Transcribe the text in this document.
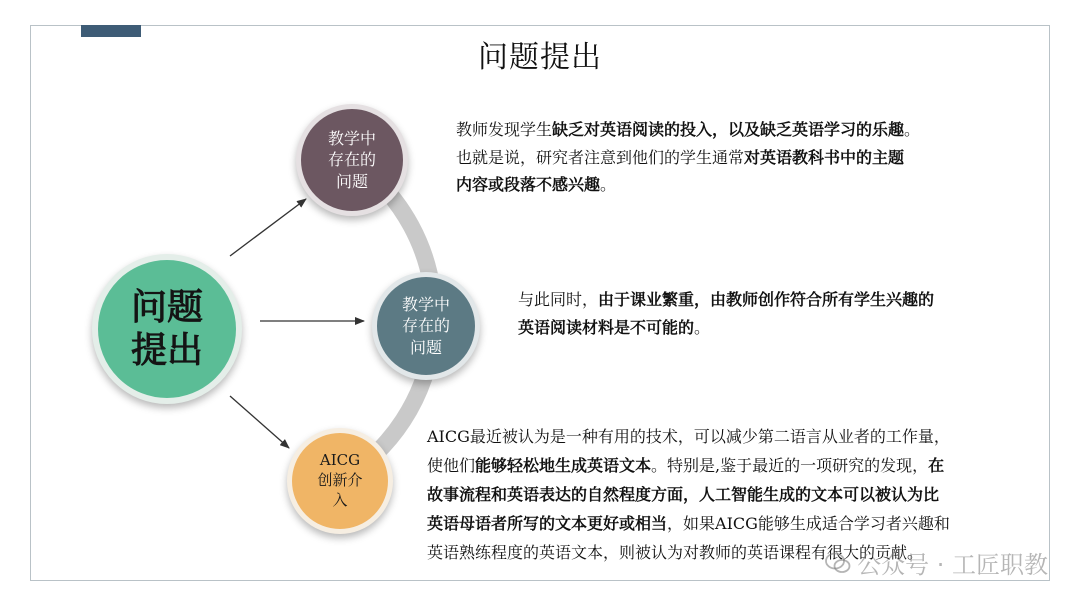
问题提出
问题
提出
教学中
存在的
问题
教学中
存在的
问题
AICG
创新介
入
教师发现学生缺乏对英语阅读的投入，以及缺乏英语学习的乐趣。
也就是说，研究者注意到他们的学生通常对英语教科书中的主题
内容或段落不感兴趣。
与此同时，由于课业繁重，由教师创作符合所有学生兴趣的
英语阅读材料是不可能的。
AICG最近被认为是一种有用的技术，可以减少第二语言从业者的工作量，
使他们能够轻松地生成英语文本。特别是,鉴于最近的一项研究的发现，在
故事流程和英语表达的自然程度方面，人工智能生成的文本可以被认为比
英语母语者所写的文本更好或相当，如果AICG能够生成适合学习者兴趣和
英语熟练程度的英语文本，则被认为对教师的英语课程有很大的贡献。
公众号 · 工匠职教
